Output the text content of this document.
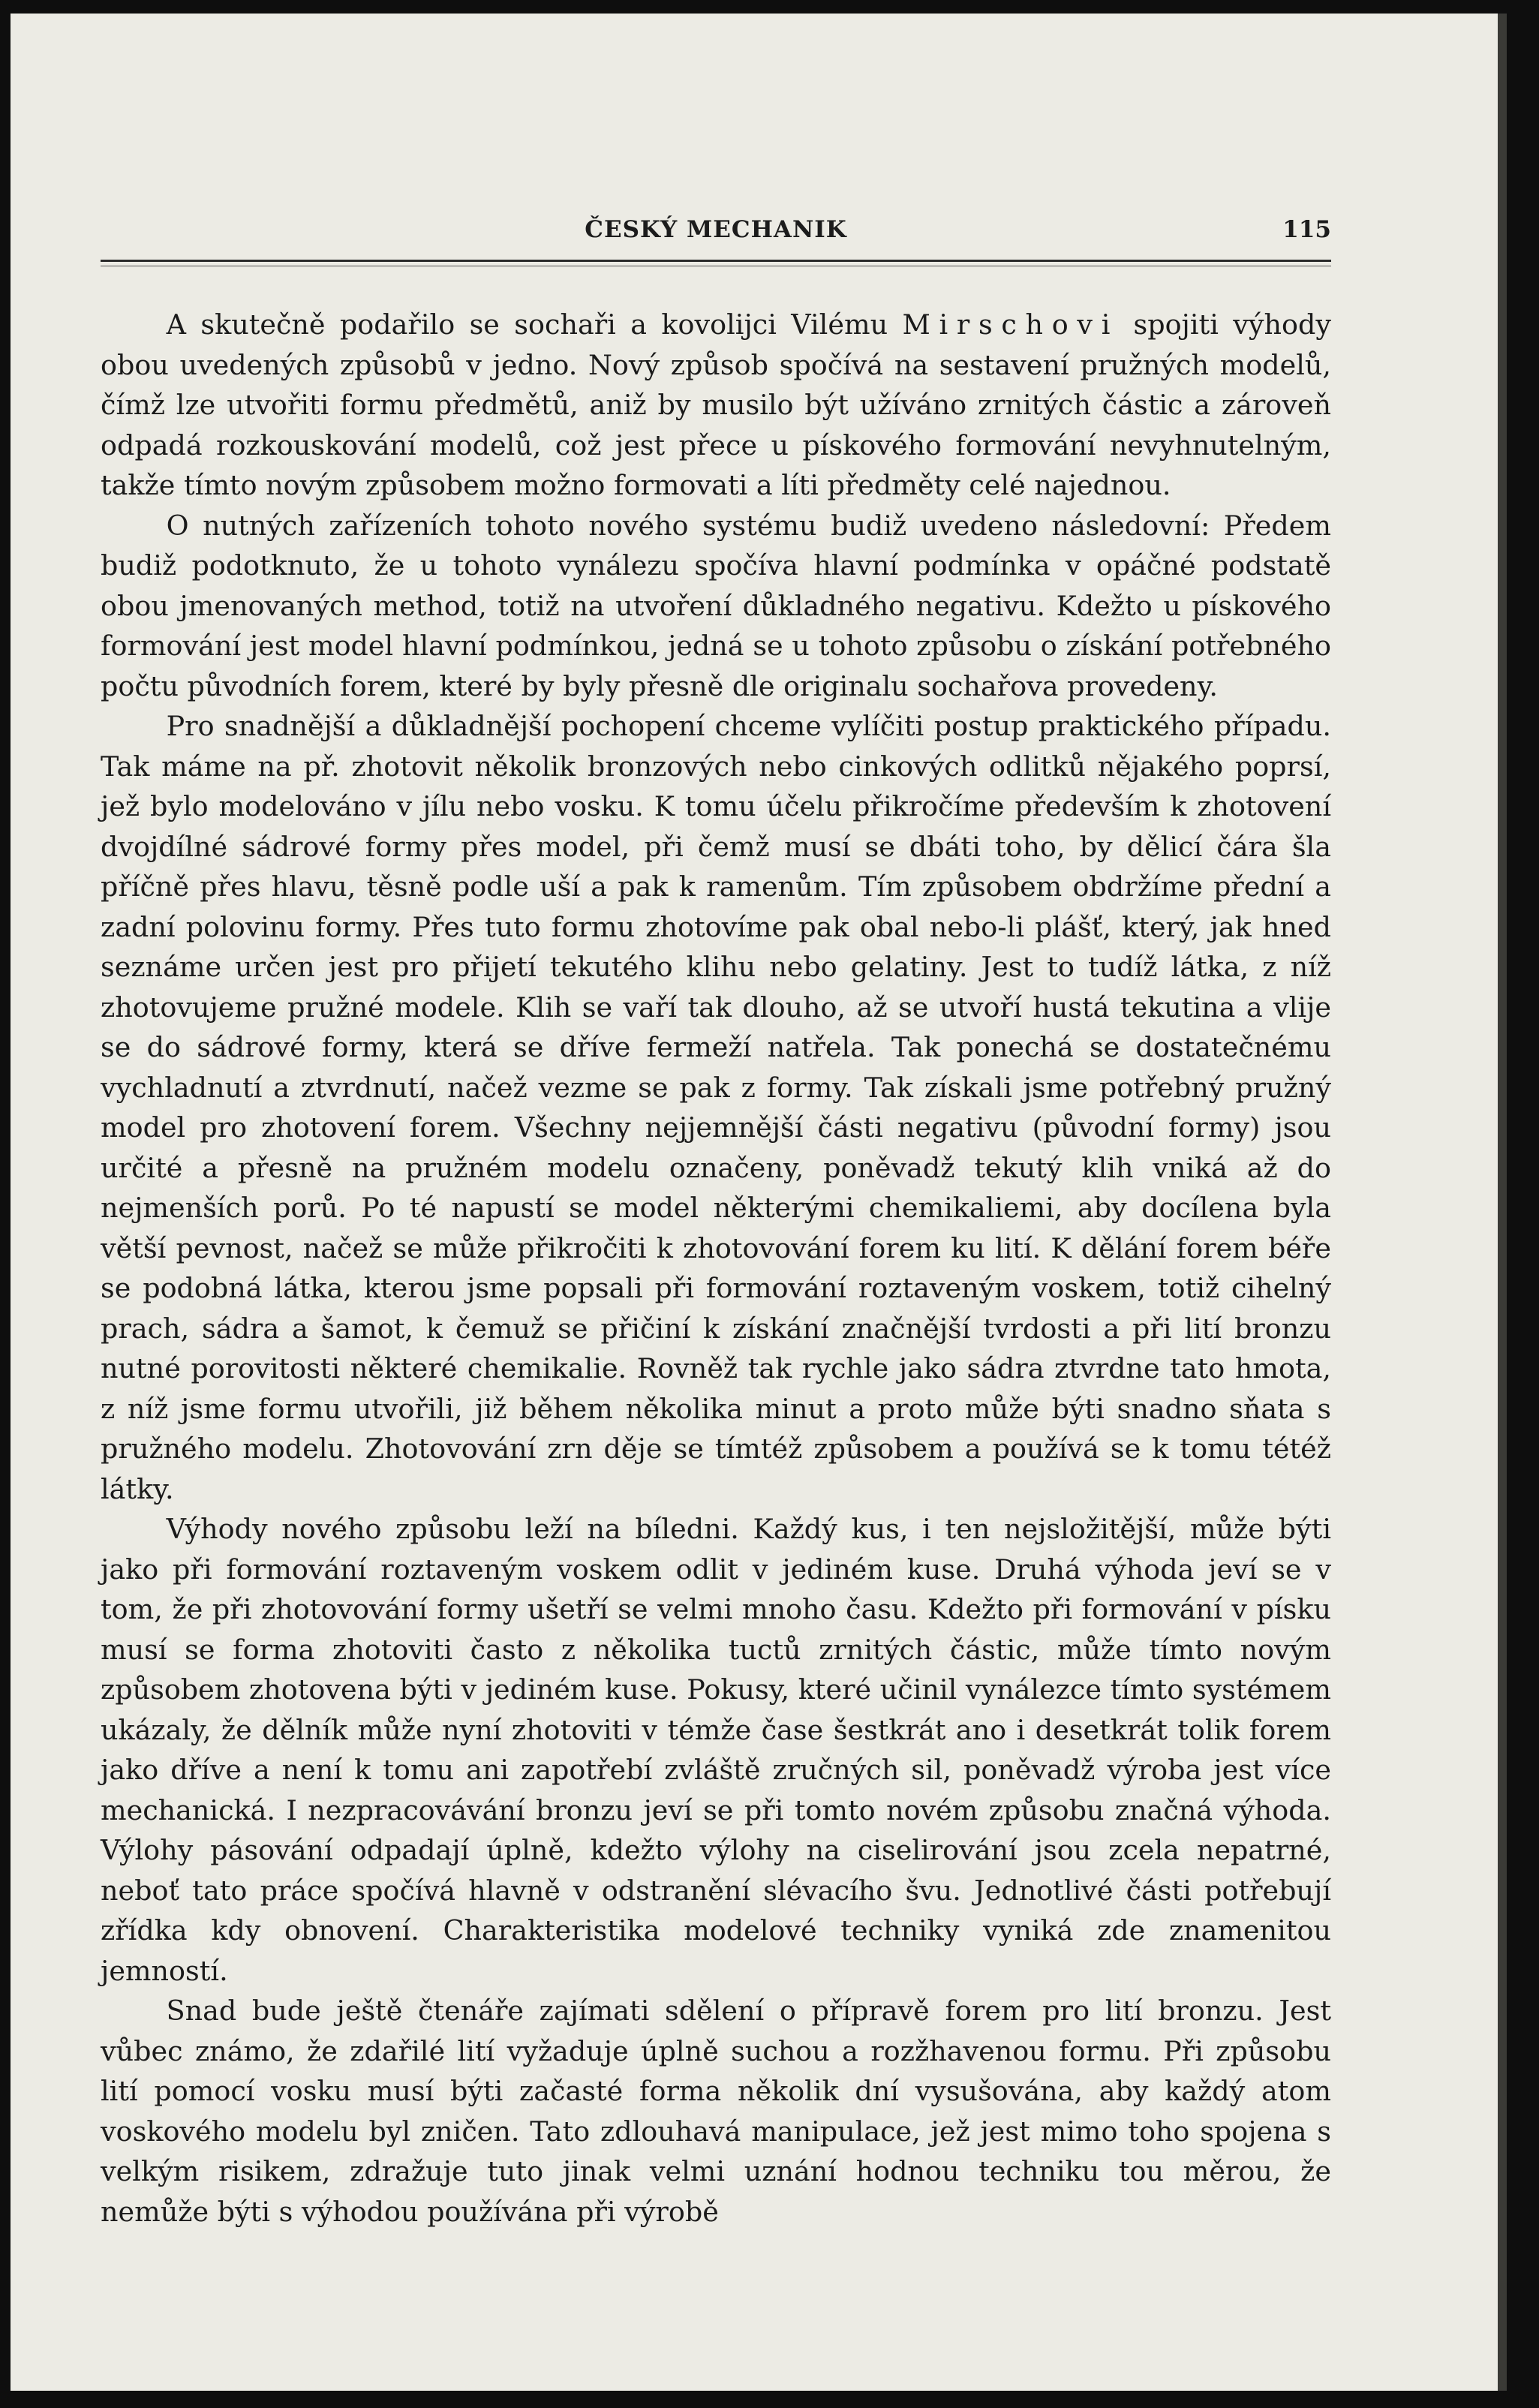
ČESKÝ MECHANIK	115

A skutečně podařilo se sochaři a kovolijci Vilému Mirschovi spojiti výhody obou uvedených způsobů v jedno. Nový způsob spočívá na sestavení pružných modelů, čímž lze utvořiti formu předmětů, aniž by musilo být užíváno zrnitých částic a zároveň odpadá rozkouskování modelů, což jest přece u pískového formování nevyhnutelným, takže tímto novým způsobem možno formovati a líti předměty celé najednou.

O nutných zařízeních tohoto nového systému budiž uvedeno následovní: Předem budiž podotknuto, že u tohoto vynálezu spočíva hlavní podmínka v opáčné podstatě obou jmenovaných method, totiž na utvoření důkladného negativu. Kdežto u pískového formování jest model hlavní podmínkou, jedná se u tohoto způsobu o získání potřebného počtu původních forem, které by byly přesně dle originalu sochařova provedeny.

Pro snadnější a důkladnější pochopení chceme vylíčiti postup praktického případu. Tak máme na př. zhotovit několik bronzových nebo cinkových odlitků nějakého poprsí, jež bylo modelováno v jílu nebo vosku. K tomu účelu přikročíme především k zhotovení dvojdílné sádrové formy přes model, při čemž musí se dbáti toho, by dělicí čára šla příčně přes hlavu, těsně podle uší a pak k ramenům. Tím způsobem obdržíme přední a zadní polovinu formy. Přes tuto formu zhotovíme pak obal nebo-li plášť, který, jak hned seznáme určen jest pro přijetí tekutého klihu nebo gelatiny. Jest to tudíž látka, z níž zhotovujeme pružné modele. Klih se vaří tak dlouho, až se utvoří hustá tekutina a vlije se do sádrové formy, která se dříve fermeží natřela. Tak ponechá se dostatečnému vychladnutí a ztvrdnutí, načež vezme se pak z formy. Tak získali jsme potřebný pružný model pro zhotovení forem. Všechny nejjemnější části negativu (původní formy) jsou určité a přesně na pružném modelu označeny, poněvadž tekutý klih vniká až do nejmenších porů. Po té napustí se model některými chemikaliemi, aby docílena byla větší pevnost, načež se může přikročiti k zhotovování forem ku lití. K dělání forem béře se podobná látka, kterou jsme popsali při formování roztaveným voskem, totiž cihelný prach, sádra a šamot, k čemuž se přičiní k získání značnější tvrdosti a při lití bronzu nutné porovitosti některé chemikalie. Rovněž tak rychle jako sádra ztvrdne tato hmota, z níž jsme formu utvořili, již během několika minut a proto může býti snadno sňata s pružného modelu. Zhotovování zrn děje se tímtéž způsobem a používá se k tomu tétéž látky.

Výhody nového způsobu leží na bíledni. Každý kus, i ten nejsložitější, může býti jako při formování roztaveným voskem odlit v jediném kuse. Druhá výhoda jeví se v tom, že při zhotovování formy ušetří se velmi mnoho času. Kdežto při formování v písku musí se forma zhotoviti často z několika tuctů zrnitých částic, může tímto novým způsobem zhotovena býti v jediném kuse. Pokusy, které učinil vynálezce tímto systémem ukázaly, že dělník může nyní zhotoviti v témže čase šestkrát ano i desetkrát tolik forem jako dříve a není k tomu ani zapotřebí zvláště zručných sil, poněvadž výroba jest více mechanická. I nezpracovávání bronzu jeví se při tomto novém způsobu značná výhoda. Výlohy pásování odpadají úplně, kdežto výlohy na ciselirování jsou zcela nepatrné, neboť tato práce spočívá hlavně v odstranění slévacího švu. Jednotlivé části potřebují zřídka kdy obnovení. Charakteristika modelové techniky vyniká zde znamenitou jemností.

Snad bude ještě čtenáře zajímati sdělení o přípravě forem pro lití bronzu. Jest vůbec známo, že zdařilé lití vyžaduje úplně suchou a rozžhavenou formu. Při způsobu lití pomocí vosku musí býti začasté forma několik dní vysušována, aby každý atom voskového modelu byl zničen. Tato zdlouhavá manipulace, jež jest mimo toho spojena s velkým risikem, zdražuje tuto jinak velmi uznání hodnou techniku tou měrou, že nemůže býti s výhodou používána při výrobě
